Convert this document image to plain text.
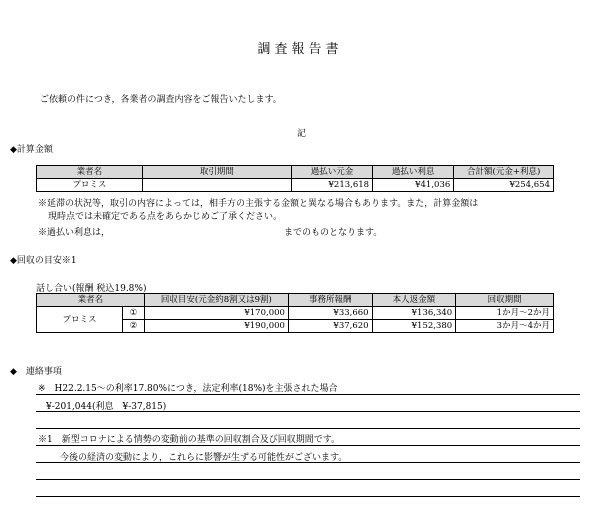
調査報告書
ご依頼の件につき，各業者の調査内容をご報告いたします。
記
◆計算金額
業者名	取引期間	過払い元金	過払い利息	合計額(元金+利息)
プロミス		¥213,618	¥41,036	¥254,654
※延滞の状況等，取引の内容によっては，相手方の主張する金額と異なる場合もあります。また，計算金額は
現時点では未確定である点をあらかじめご了承ください。
※過払い利息は，	までのものとなります。
◆回収の目安※1
話し合い(報酬 税込19.8%)
業者名		回収目安(元金約8割又は9割)	事務所報酬	本人返金額	回収期間
プロミス	①	¥170,000	¥33,660	¥136,340	1か月～2か月
	②	¥190,000	¥37,620	¥152,380	3か月～4か月
◆　連絡事項
※　H22.2.15～の利率17.80%につき，法定利率(18%)を主張された場合
¥-201,044(利息　¥-37,815)
※1　新型コロナによる情勢の変動前の基準の回収割合及び回収期間です。
今後の経済の変動により，これらに影響が生ずる可能性がございます。
